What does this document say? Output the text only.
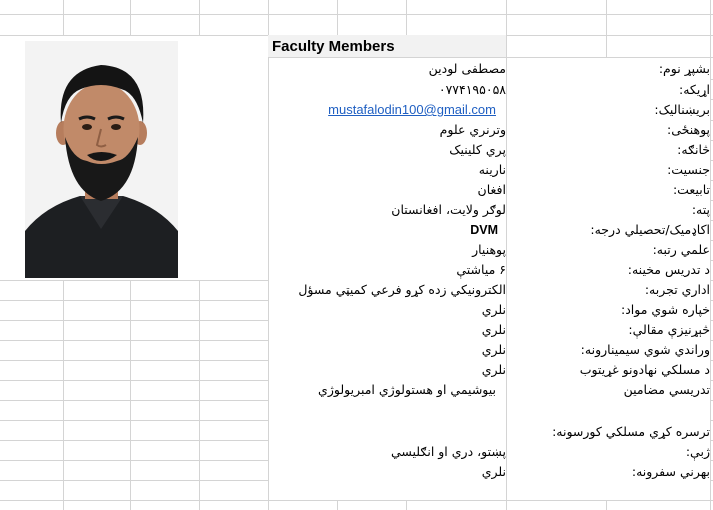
Faculty Members
بشپړ نوم:
اړيکه:
بريښناليک:
پوهنځی:
څانګه:
جنسيت:
تابيعت:
پته:
اکاډميک/تحصيلي درجه:
علمي رتبه:
د تدريس مخينه:
اداري تجربه:
خپاره شوي مواد:
څېړنيزې مقالې:
وراندي شوي سيمينارونه:
د مسلکي نهادونو غړيتوب
تدريسي مضامين
ترسره کړي مسلکي کورسونه:
ژبې:
بهرني سفرونه:
مصطفی لودين
۰۷۷۴۱۹۵۰۵۸
mustafalodin100@gmail.com
وترنري علوم
پري کلينيک
نارينه
افغان
لوګر ولايت، افغانستان
DVM
پوهنيار
۶ مياشتې
الکترونيکي زده کړو فرعي کميټي مسؤل
نلري
نلري
نلري
نلري
بيوشيمي او هستولوژي امبريولوژي
پښتو، دري او انګليسي
نلري
